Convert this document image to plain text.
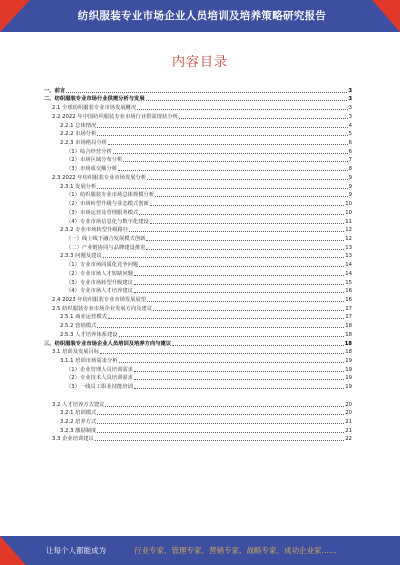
纺织服装专业市场企业人员培训及培养策略研究报告
内容目录
一、前言	3
二、纺织服装专业市场行业供需分析与发展	3
2.1 全球纺织服装专业市场发展概况	3
2.2 2022 年中国纺织服装专业市场行业供需现状分析	3
2.2.1 总体情况	4
2.2.2 市场分析	5
2.2.3 市场格局分析	6
（1）综合经营分析	6
（2）市场区域分布分析	7
（3）市场成交额分析	8
2.3 2022 年纺织服装专业市场发展分析	9
2.3.1 发展分析	9
（1）纺织服装专业市场总体规模分析	9
（2）市场转型升级与业态模式创新	10
（3）市场运营及管理服务模式	10
（4）专业市场信息化与数字化建设	11
2.3.2 专业市场转型升级路径	12
（一）线上线下融合发展模式创新	12
（二）产业链协同与品牌建设推进	13
2.3.3 问题及建议	13
（1）专业市场同质化竞争问题	14
（2）专业市场人才短缺问题	14
（3）专业市场转型升级建议	15
（4）专业市场人才培养建议	16
2.4 2023 年纺织服装专业市场发展展望	16
2.5 纺织服装专业市场企业发展方向及建议	17
2.5.1 商业运营模式	17
2.5.2 营销模式	18
2.5.3 人才培养体系建设	18
三、纺织服装专业市场企业人员培训及培养方向与建议	18
3.1 培训及发展目标	18
3.1.1 培训市场需求分析	19
（1）企业管理人员培训需求	19
（2）专业技术人员培训需求	19
（3）一线员工职业技能培训	19
3.2 人才培养方式建议	20
3.2.1 培训模式	20
3.2.2 培养方式	21
3.2.3 激励制度	21
3.3 企业培训建议	22
让每个人都能成为	行业专家、管理专家、营销专家、战略专家、成功企业家……
